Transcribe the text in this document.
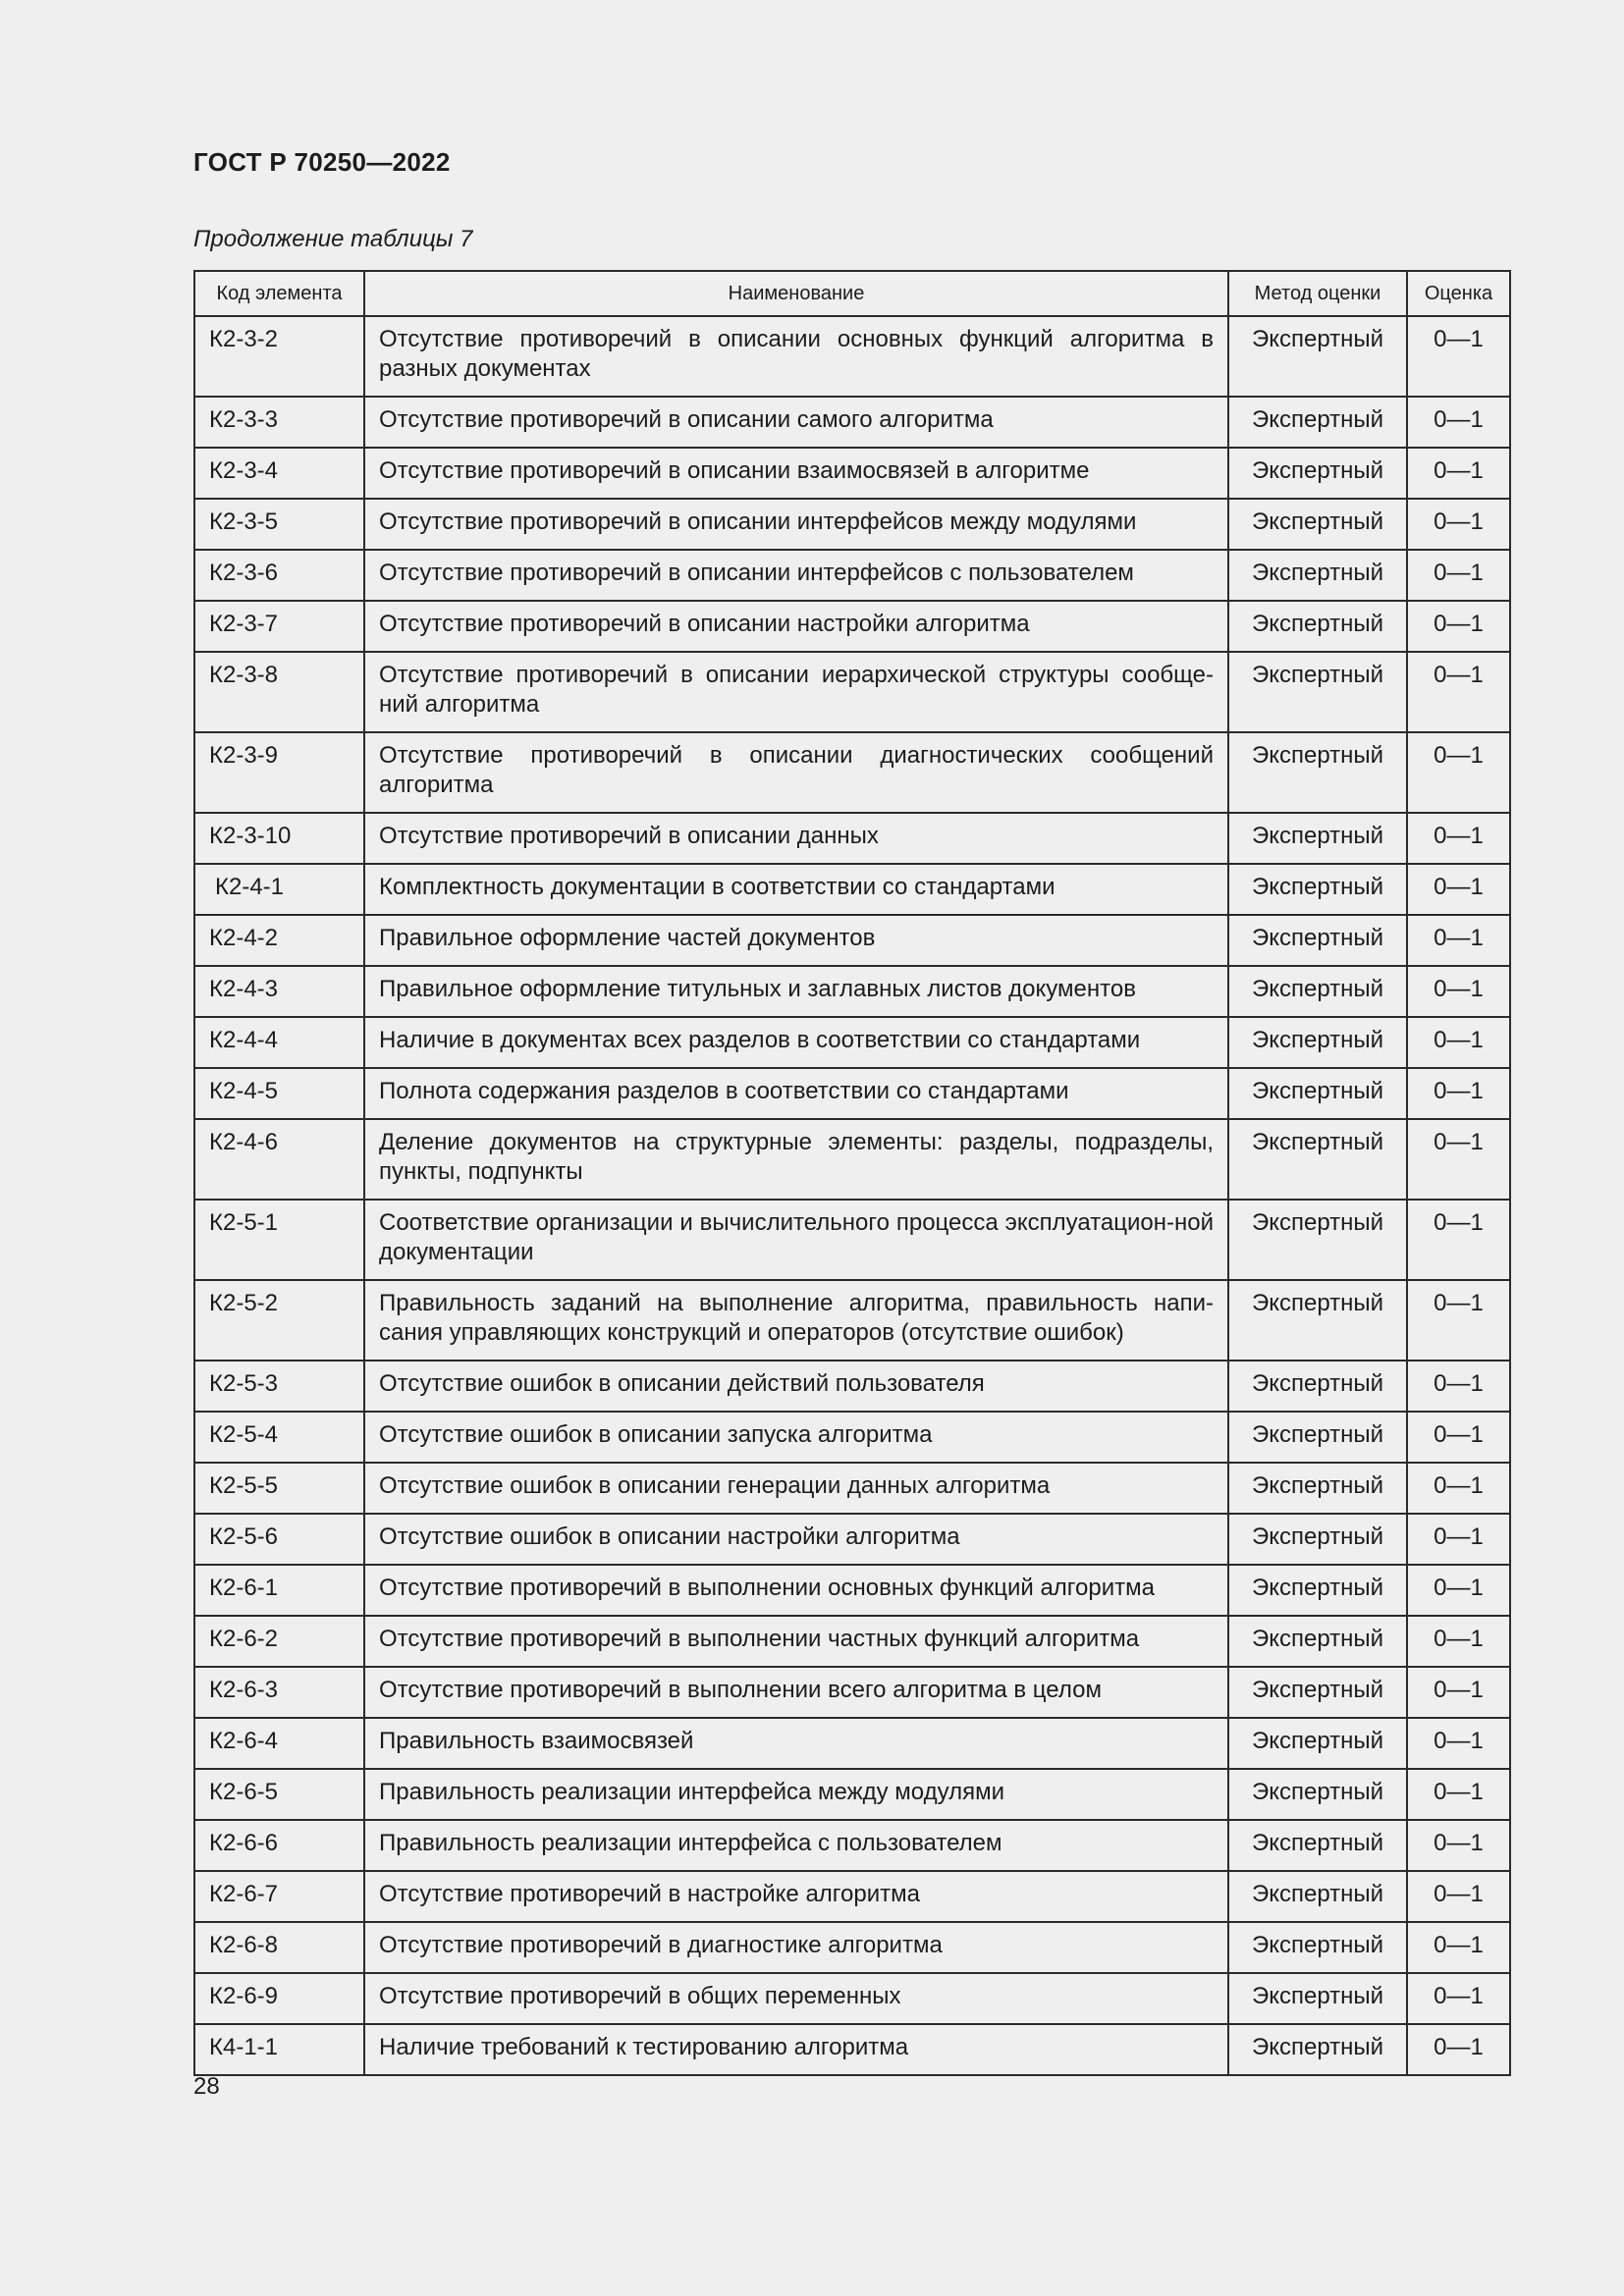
ГОСТ Р 70250—2022
Продолжение таблицы 7
Код элемента	Наименование	Метод оценки	Оценка
К2-3-2	Отсутствие противоречий в описании основных функций алгоритма в разных документах	Экспертный	0—1
К2-3-3	Отсутствие противоречий в описании самого алгоритма	Экспертный	0—1
К2-3-4	Отсутствие противоречий в описании взаимосвязей в алгоритме	Экспертный	0—1
К2-3-5	Отсутствие противоречий в описании интерфейсов между модулями	Экспертный	0—1
К2-3-6	Отсутствие противоречий в описании интерфейсов с пользователем	Экспертный	0—1
К2-3-7	Отсутствие противоречий в описании настройки алгоритма	Экспертный	0—1
К2-3-8	Отсутствие противоречий в описании иерархической структуры сообще-ний алгоритма	Экспертный	0—1
К2-3-9	Отсутствие противоречий в описании диагностических сообщений алгоритма	Экспертный	0—1
К2-3-10	Отсутствие противоречий в описании данных	Экспертный	0—1
К2-4-1	Комплектность документации в соответствии со стандартами	Экспертный	0—1
К2-4-2	Правильное оформление частей документов	Экспертный	0—1
К2-4-3	Правильное оформление титульных и заглавных листов документов	Экспертный	0—1
К2-4-4	Наличие в документах всех разделов в соответствии со стандартами	Экспертный	0—1
К2-4-5	Полнота содержания разделов в соответствии со стандартами	Экспертный	0—1
К2-4-6	Деление документов на структурные элементы: разделы, подразделы, пункты, подпункты	Экспертный	0—1
К2-5-1	Соответствие организации и вычислительного процесса эксплуатацион-ной документации	Экспертный	0—1
К2-5-2	Правильность заданий на выполнение алгоритма, правильность напи-сания управляющих конструкций и операторов (отсутствие ошибок)	Экспертный	0—1
К2-5-3	Отсутствие ошибок в описании действий пользователя	Экспертный	0—1
К2-5-4	Отсутствие ошибок в описании запуска алгоритма	Экспертный	0—1
К2-5-5	Отсутствие ошибок в описании генерации данных алгоритма	Экспертный	0—1
К2-5-6	Отсутствие ошибок в описании настройки алгоритма	Экспертный	0—1
К2-6-1	Отсутствие противоречий в выполнении основных функций алгоритма	Экспертный	0—1
К2-6-2	Отсутствие противоречий в выполнении частных функций алгоритма	Экспертный	0—1
К2-6-3	Отсутствие противоречий в выполнении всего алгоритма в целом	Экспертный	0—1
К2-6-4	Правильность взаимосвязей	Экспертный	0—1
К2-6-5	Правильность реализации интерфейса между модулями	Экспертный	0—1
К2-6-6	Правильность реализации интерфейса с пользователем	Экспертный	0—1
К2-6-7	Отсутствие противоречий в настройке алгоритма	Экспертный	0—1
К2-6-8	Отсутствие противоречий в диагностике алгоритма	Экспертный	0—1
К2-6-9	Отсутствие противоречий в общих переменных	Экспертный	0—1
К4-1-1	Наличие требований к тестированию алгоритма	Экспертный	0—1
28
